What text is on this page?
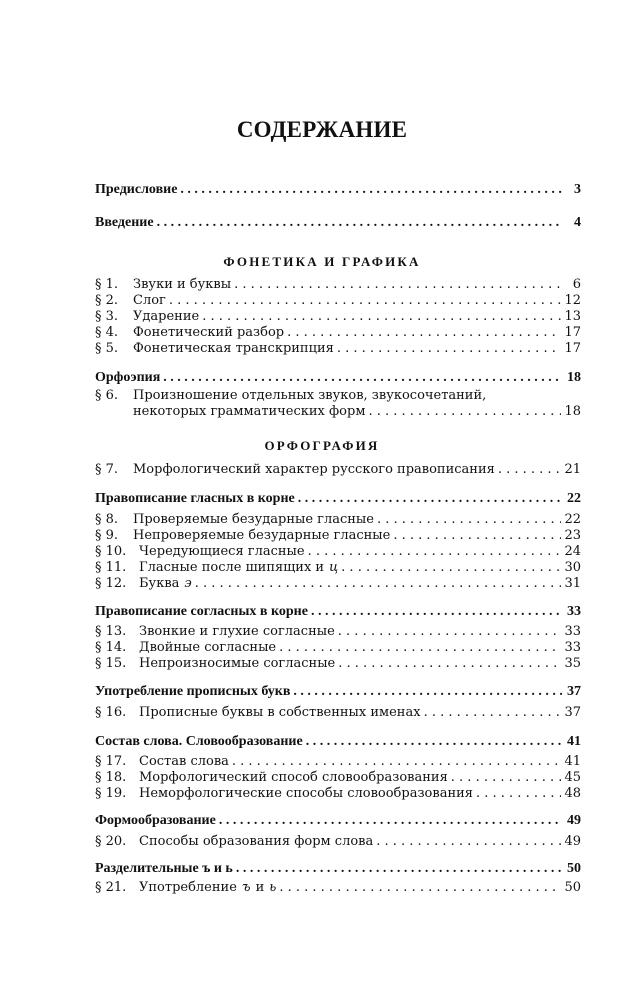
СОДЕРЖАНИЕ
Предисловие . . .	3
Введение . . .	4
ФОНЕТИКА И ГРАФИКА
§ 1.	Звуки и буквы . . .	6
§ 2.	Слог . . .	12
§ 3.	Ударение . . .	13
§ 4.	Фонетический разбор . . .	17
§ 5.	Фонетическая транскрипция . . .	17
Орфоэпия . . .	18
§ 6. Произношение отдельных звуков, звукосочетаний,
некоторых грамматических форм . . .	18
ОРФОГРАФИЯ
§ 7.	Морфологический характер русского правописания . . .	21
Правописание гласных в корне . . .	22
§ 8.	Проверяемые безударные гласные . . .	22
§ 9.	Непроверяемые безударные гласные . . .	23
§ 10. Чередующиеся гласные . . .	24
§ 11. Гласные после шипящих и ц . . .	30
§ 12. Буква э . . .	31
Правописание согласных в корне . . .	33
§ 13. Звонкие и глухие согласные . . .	33
§ 14. Двойные согласные . . .	33
§ 15. Непроизносимые согласные . . .	35
Употребление прописных букв . . .	37
§ 16. Прописные буквы в собственных именах . . .	37
Состав слова. Словообразование . . .	41
§ 17. Состав слова . . .	41
§ 18. Морфологический способ словообразования . . .	45
§ 19. Неморфологические способы словообразования . . .	48
Формообразование . . .	49
§ 20. Способы образования форм слова . . .	49
Разделительные ъ и ь . . .	50
§ 21. Употребление ъ и ь . . .	50
